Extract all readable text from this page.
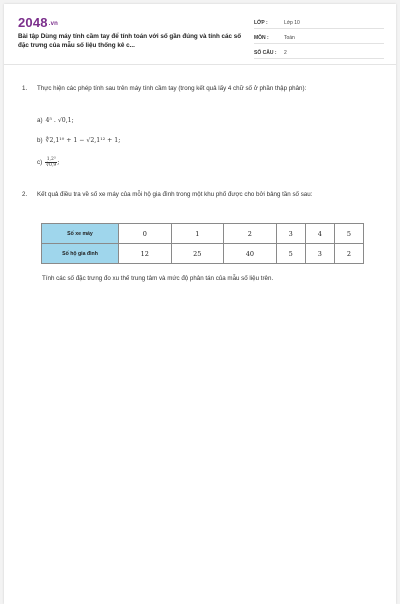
2048.vn
Bài tập Dùng máy tính cầm tay để tính toán với số gần đúng và tính các số đặc trưng của mẫu số liệu thống kê c...
LỚP :	Lớp 10
MÔN :	Toán
SỐ CÂU : 2
1. Thực hiện các phép tính sau trên máy tính cầm tay (trong kết quả lấy 4 chữ số ở phần thập phân):
a) 4⁵ . √0,1;
b) ∜2,1¹⁰ + 1 − √2,1¹² + 1;
$c) \frac{\text{1,2³}}{∛0,9}$ ;
2. Kết quả điều tra về số xe máy của mỗi hộ gia đình trong một khu phố được cho bởi bảng tần số sau:
Số xe máy	0	1	2	3	4	5
Số hộ gia đình	12	25	40	5	3	2
Tính các số đặc trưng đo xu thế trung tâm và mức độ phân tán của mẫu số liệu trên.
